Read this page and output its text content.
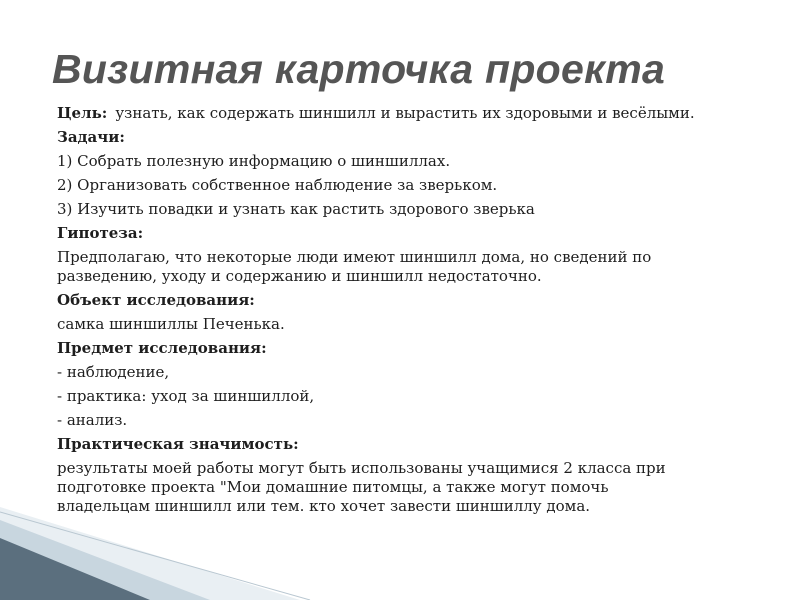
Визитная карточка проекта
Цель: узнать, как содержать шиншилл и вырастить их здоровыми и весёлыми.
Задачи:
1) Собрать полезную информацию о шиншиллах.
2) Организовать собственное наблюдение за зверьком.
3) Изучить повадки и узнать как растить здорового зверька
Гипотеза:
Предполагаю, что некоторые люди имеют шиншилл дома, но сведений по
разведению, уходу и содержанию и шиншилл недостаточно.
Объект исследования:
самка шиншиллы Печенька.
Предмет исследования:
- наблюдение,
- практика: уход за шиншиллой,
- анализ.
Практическая значимость:
результаты моей работы могут быть использованы учащимися 2 класса при
подготовке проекта "Мои домашние питомцы, а также могут помочь
владельцам шиншилл или тем. кто хочет завести шиншиллу дома.
